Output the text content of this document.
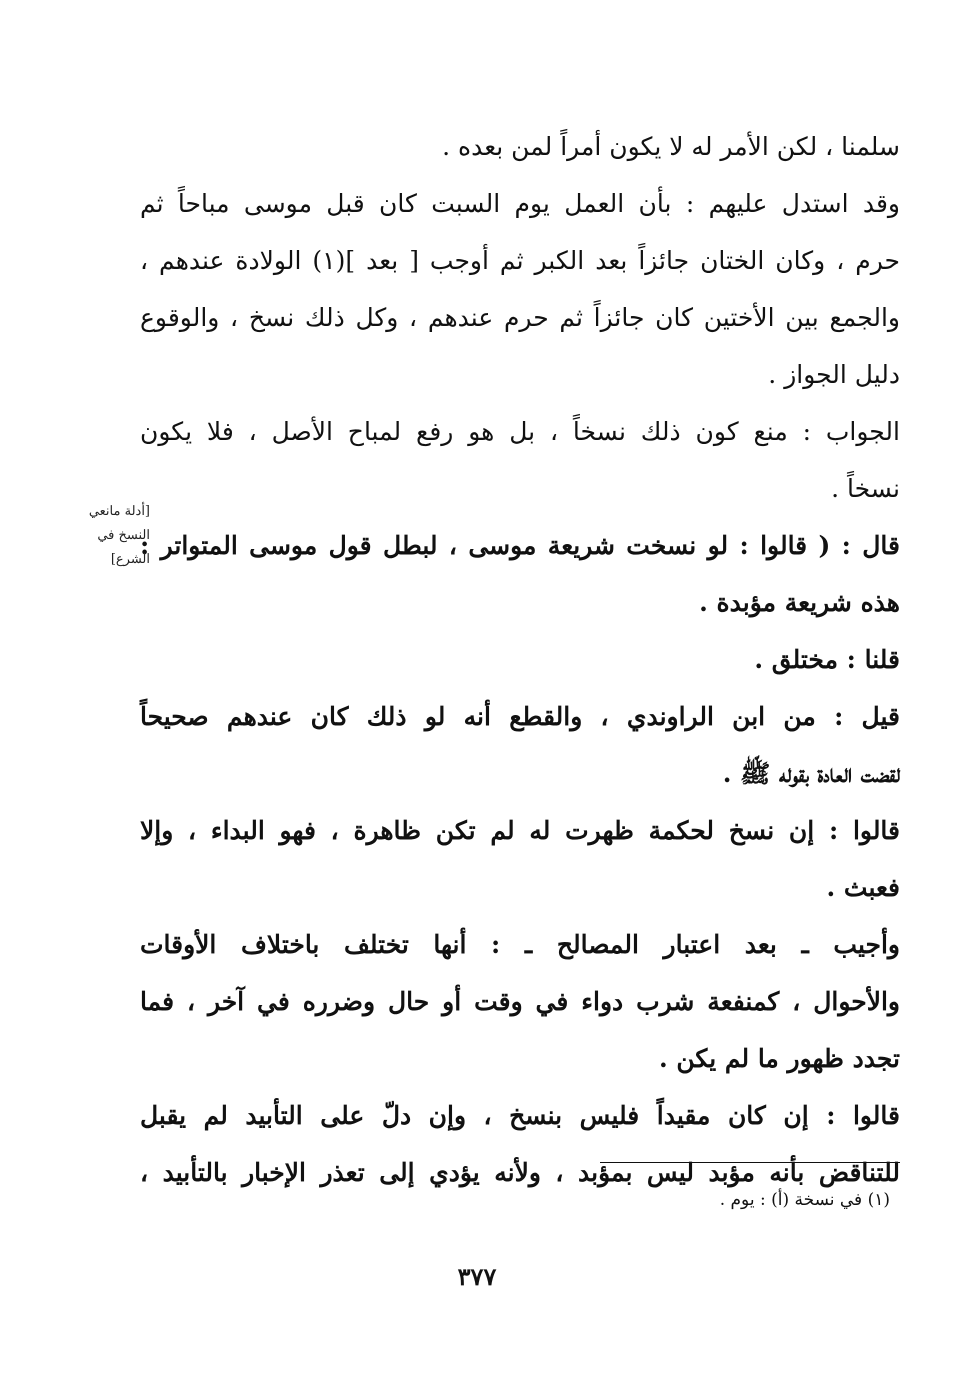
سلمنا ، لكن الأمر له لا يكون أمراً لمن بعده .
وقد استدل عليهم : بأن العمل يوم السبت كان قبل موسى مباحاً ثم
حرم ، وكان الختان جائزاً بعد الكبر ثم أوجب [ بعد ](١) الولادة عندهم ،
والجمع بين الأختين كان جائزاً ثم حرم عندهم ، وكل ذلك نسخ ، والوقوع
دليل الجواز .
الجواب : منع كون ذلك نسخاً ، بل هو رفع لمباح الأصل ، فلا يكون
نسخاً .
قال : ( قالوا : لو نسخت شريعة موسى ، لبطل قول موسى المتواتر :
هذه شريعة مؤبدة .
قلنا : مختلق .
قيل : من ابن الراوندي ، والقطع أنه لو ذلك كان عندهم صحيحاً
لقضت العادة بقوله ﷺ .
قالوا : إن نسخ لحكمة ظهرت له لم تكن ظاهرة ، فهو البداء ، وإلا
فعبث .
وأجيب ـ بعد اعتبار المصالح ـ : أنها تختلف باختلاف الأوقات
والأحوال ، كمنفعة شرب دواء في وقت أو حال وضرره في آخر ، فما
تجدد ظهور ما لم يكن .
قالوا : إن كان مقيداً فليس بنسخ ، وإن دلّ على التأبيد لم يقبل
للتناقض بأنه مؤبد ليس بمؤبد ، ولأنه يؤدي إلى تعذر الإخبار بالتأبيد ،
[أدلة مانعي
النسخ في
الشرع]
(١) في نسخة (أ) : يوم .
٣٧٧
